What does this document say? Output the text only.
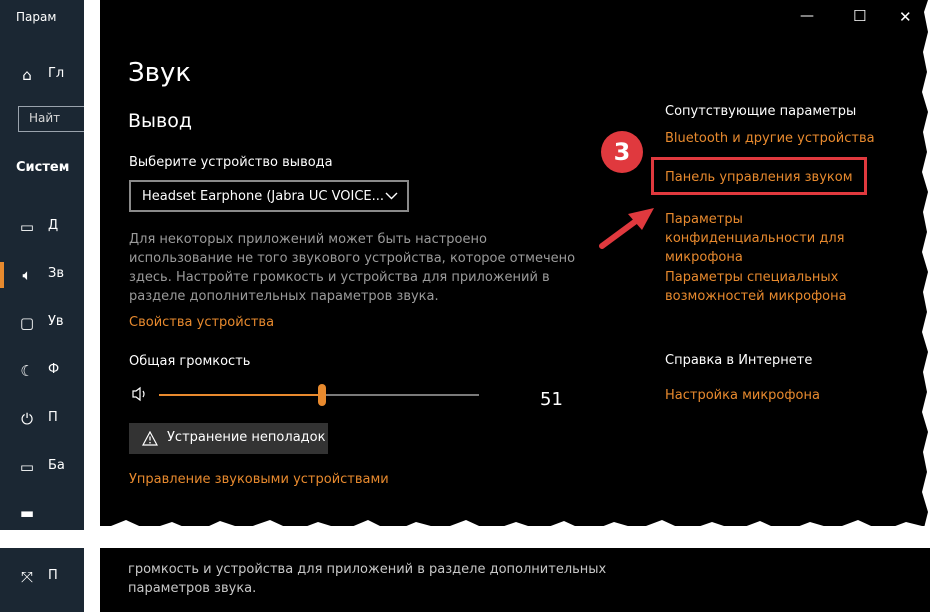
Парам
⌂	Гл
Найт
Систем
▭ Д
🔈︎	Зв
▢ Ув
☾ Ф
⏻ П
▭ Ба
▬
⤧ П
—	☐ ✕
Звук
Вывод
Выберите устройство вывода
Headset Earphone (Jabra UC VOICE...
Для некоторых приложений может быть настроено использование не того звукового устройства, которое отмечено здесь. Настройте громкость и устройства для приложений в разделе дополнительных параметров звука.
Свойства устройства
Общая громкость
51
Устранение неполадок
Управление звуковыми устройствами
Сопутствующие параметры
Bluetooth и другие устройства
Панель управления звуком
Параметры конфиденциальности для микрофона
Параметры специальных возможностей микрофона
Справка в Интернете
Настройка микрофона
3
громкость и устройства для приложений в разделе дополнительных
параметров звука.
